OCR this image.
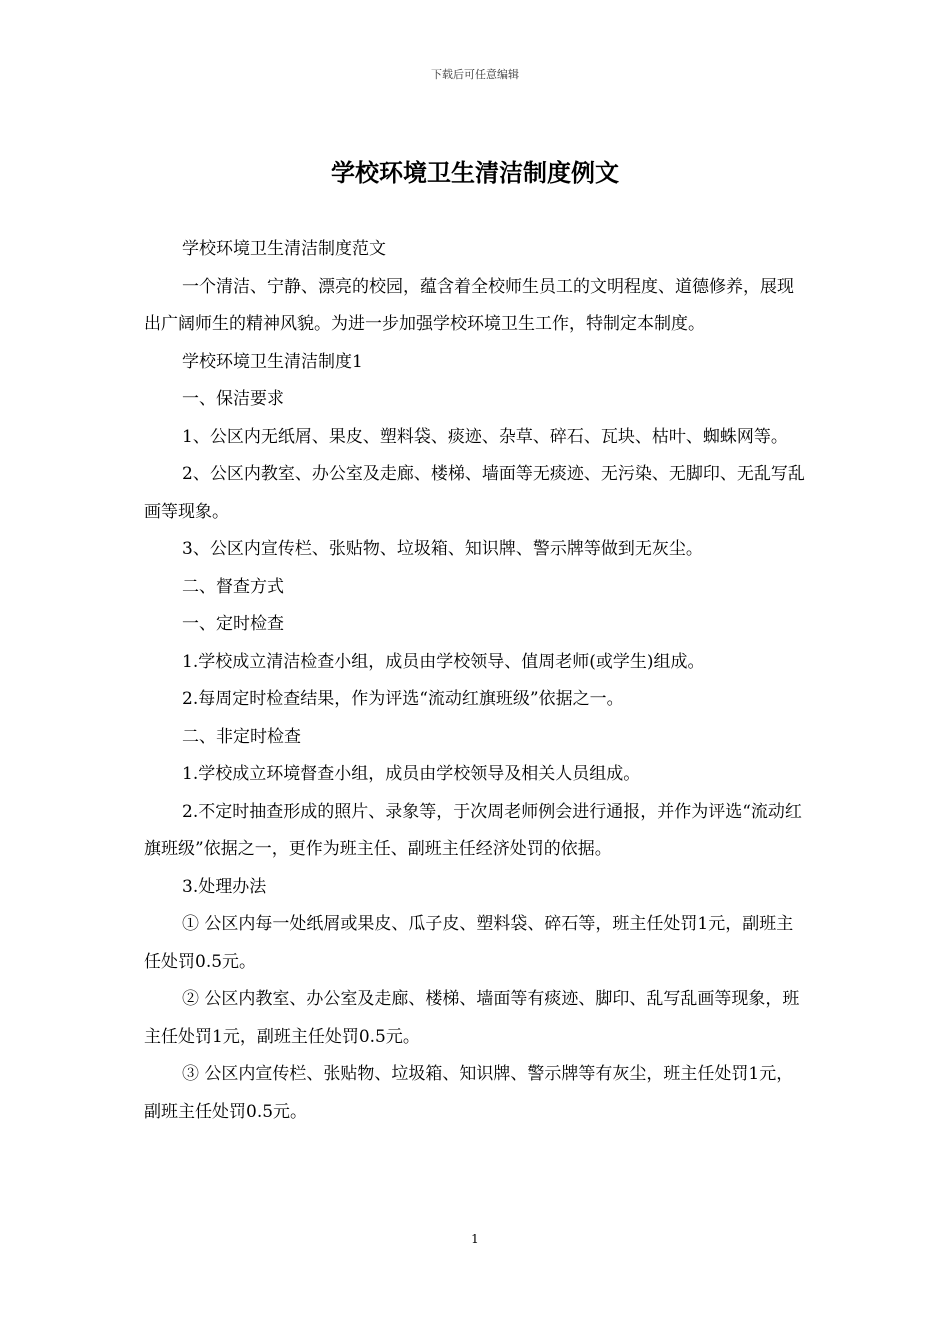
下载后可任意编辑
学校环境卫生清洁制度例文

学校环境卫生清洁制度范文

一个清洁、宁静、漂亮的校园，蕴含着全校师生员工的文明程度、道德修养，展现出广阔师生的精神风貌。为进一步加强学校环境卫生工作，特制定本制度。

学校环境卫生清洁制度1

一、保洁要求

1、公区内无纸屑、果皮、塑料袋、痰迹、杂草、碎石、瓦块、枯叶、蜘蛛网等。

2、公区内教室、办公室及走廊、楼梯、墙面等无痰迹、无污染、无脚印、无乱写乱画等现象。

3、公区内宣传栏、张贴物、垃圾箱、知识牌、警示牌等做到无灰尘。

二、督查方式

一、定时检查

1.学校成立清洁检查小组，成员由学校领导、值周老师(或学生)组成。

2.每周定时检查结果，作为评选“流动红旗班级”依据之一。

二、非定时检查

1.学校成立环境督查小组，成员由学校领导及相关人员组成。

2.不定时抽查形成的照片、录象等，于次周老师例会进行通报，并作为评选“流动红旗班级”依据之一，更作为班主任、副班主任经济处罚的依据。

3.处理办法

① 公区内每一处纸屑或果皮、瓜子皮、塑料袋、碎石等，班主任处罚1元，副班主任处罚0.5元。

② 公区内教室、办公室及走廊、楼梯、墙面等有痰迹、脚印、乱写乱画等现象，班主任处罚1元，副班主任处罚0.5元。

③ 公区内宣传栏、张贴物、垃圾箱、知识牌、警示牌等有灰尘，班主任处罚1元，副班主任处罚0.5元。

1
